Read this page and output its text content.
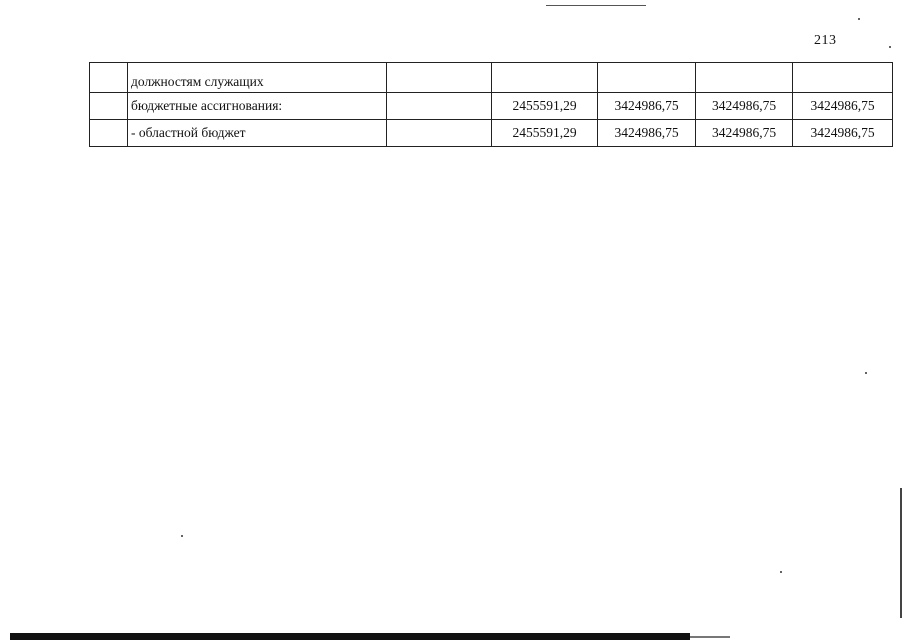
213
	должностям служащих					
	бюджетные ассигнования:		2455591,29	3424986,75	3424986,75	3424986,75
	- областной бюджет		2455591,29	3424986,75	3424986,75	3424986,75
